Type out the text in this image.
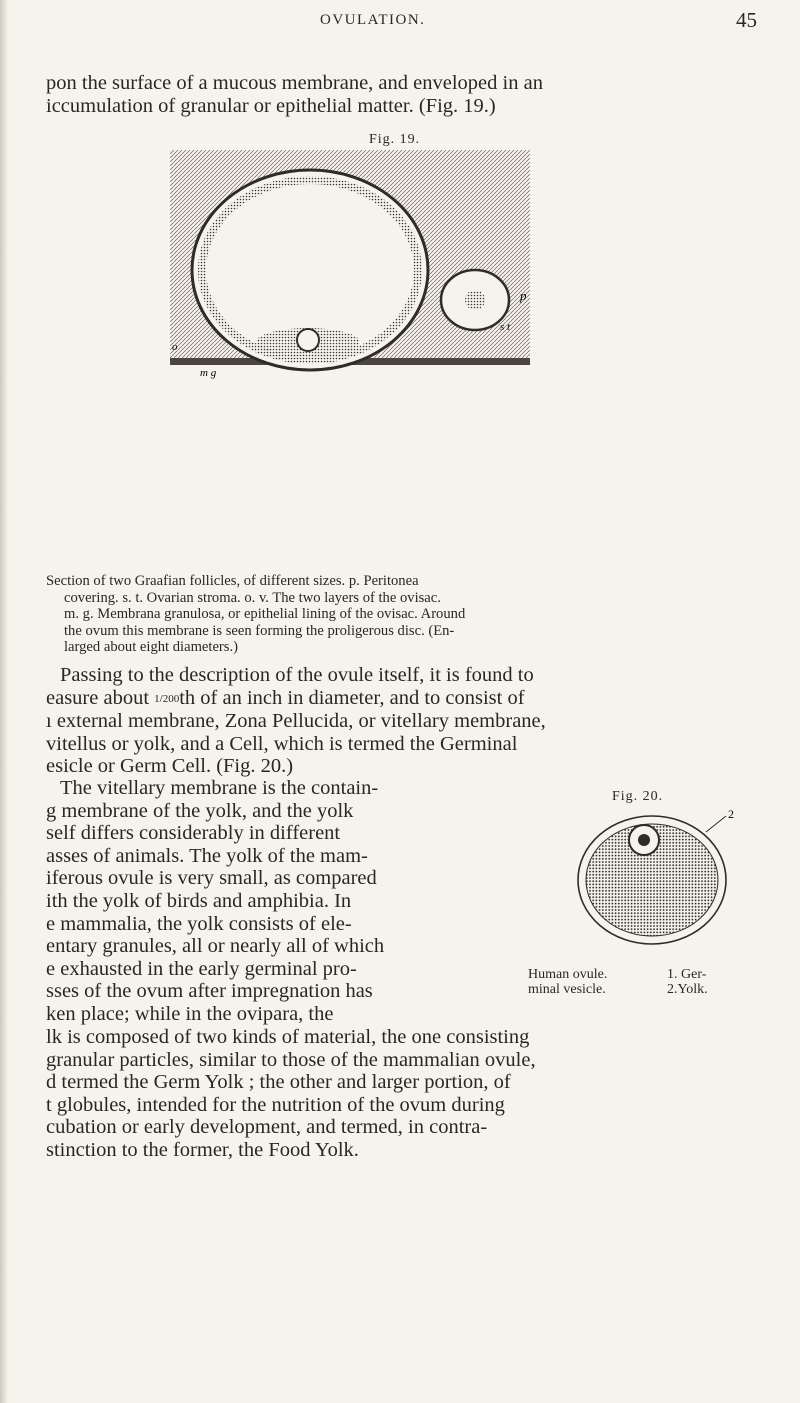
OVULATION.	45

pon the surface of a mucous membrane, and enveloped in an
iccumulation of granular or epithelial matter. (Fig. 19.)

Fig. 19.
p
s t
o
m g

Section of two Graafian follicles, of different sizes. p. Peritonea
covering. s. t. Ovarian stroma. o. v. The two layers of the ovisac.
m. g. Membrana granulosa, or epithelial lining of the ovisac. Around
the ovum this membrane is seen forming the proligerous disc. (En-
larged about eight diameters.)

Passing to the description of the ovule itself, it is found to
easure about 1/200th of an inch in diameter, and to consist of
ı external membrane, Zona Pellucida, or vitellary membrane,
vitellus or yolk, and a Cell, which is termed the Germinal
esicle or Germ Cell. (Fig. 20.)

The vitellary membrane is the contain-
g membrane of the yolk, and the yolk
self differs considerably in different
asses of animals. The yolk of the mam-
iferous ovule is very small, as compared
ith the yolk of birds and amphibia. In
e mammalia, the yolk consists of ele-
entary granules, all or nearly all of which
e exhausted in the early germinal pro-
sses of the ovum after impregnation has
ken place; while in the ovipara, the

Fig. 20.
2
Human ovule.
minal vesicle.
1. Ger-
2.Yolk.

lk is composed of two kinds of material, the one consisting
granular particles, similar to those of the mammalian ovule,
d termed the Germ Yolk ; the other and larger portion, of
t globules, intended for the nutrition of the ovum during
cubation or early development, and termed, in contra-
stinction to the former, the Food Yolk.
